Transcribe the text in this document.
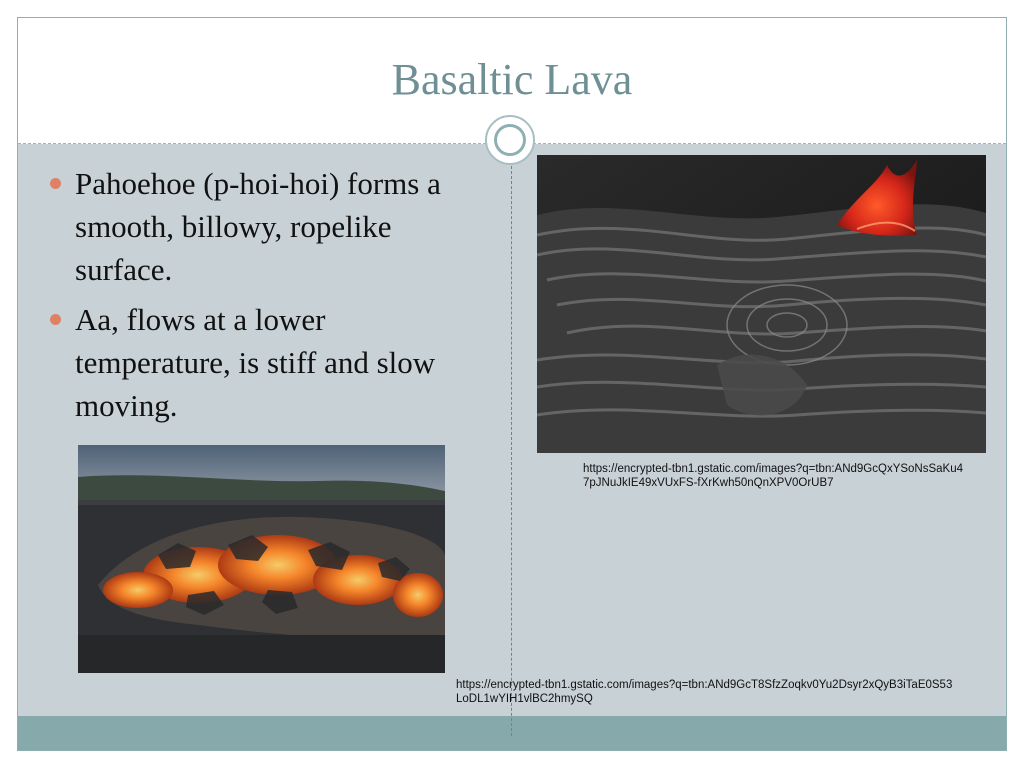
Basaltic Lava
Pahoehoe (p-hoi-hoi) forms a smooth, billowy, ropelike surface.
Aa, flows at a lower temperature, is stiff and slow moving.
https://encrypted-tbn1.gstatic.com/images?q=tbn:ANd9GcQxYSoNsSaKu47pJNuJkIE49xVUxFS-fXrKwh50nQnXPV0OrUB7
https://encrypted-tbn1.gstatic.com/images?q=tbn:ANd9GcT8SfzZoqkv0Yu2Dsyr2xQyB3iTaE0S53LoDL1wYIH1vlBC2hmySQ
